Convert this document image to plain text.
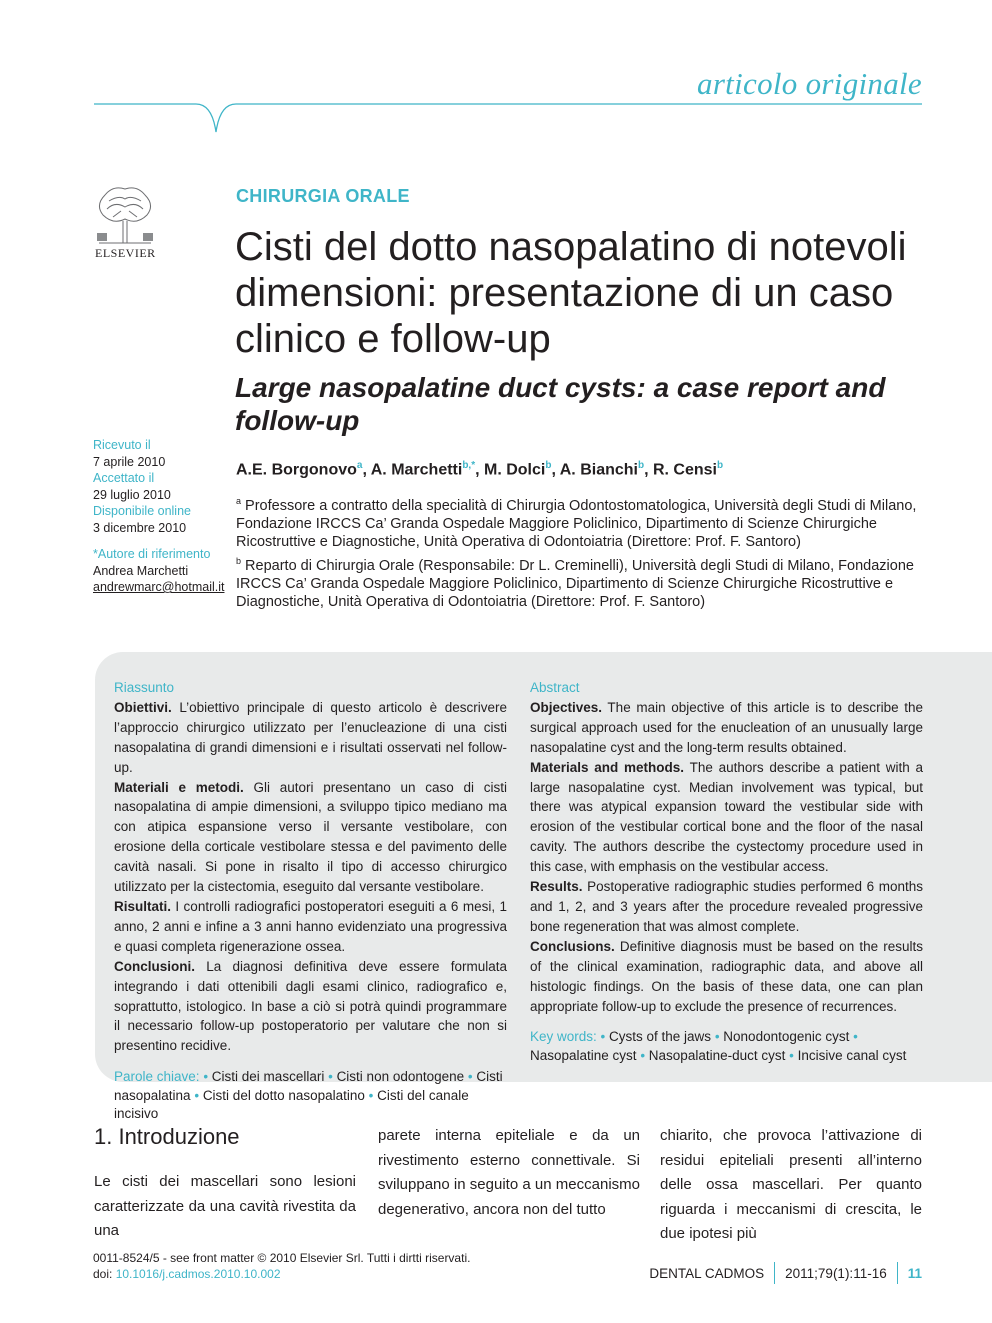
articolo originale
ELSEVIER
CHIRURGIA ORALE
Cisti del dotto nasopalatino di notevoli dimensioni: presentazione di un caso clinico e follow-up
Large nasopalatine duct cysts: a case report and follow-up
Ricevuto il
7 aprile 2010
Accettato il
29 luglio 2010
Disponibile online
3 dicembre 2010
*Autore di riferimento
Andrea Marchetti
andrewmarc@hotmail.it
A.E. Borgonovo$^a$, A. Marchetti$^{b,*}$, M. Dolci$^b$, A. Bianchi$^b$, R. Censi$^b$
$^a$ Professore a contratto della specialità di Chirurgia Odontostomatologica, Università degli Studi di Milano, Fondazione IRCCS Ca’ Granda Ospedale Maggiore Policlinico, Dipartimento di Scienze Chirurgiche Ricostruttive e Diagnostiche, Unità Operativa di Odontoiatria (Direttore: Prof. F. Santoro)
$^b$ Reparto di Chirurgia Orale (Responsabile: Dr L. Creminelli), Università degli Studi di Milano, Fondazione IRCCS Ca’ Granda Ospedale Maggiore Policlinico, Dipartimento di Scienze Chirurgiche Ricostruttive e Diagnostiche, Unità Operativa di Odontoiatria (Direttore: Prof. F. Santoro)
Riassunto

Obiettivi. L’obiettivo principale di questo articolo è descrivere l’approccio chirurgico utilizzato per l’enucleazione di una cisti nasopalatina di grandi dimensioni e i risultati osservati nel follow-up.

Materiali e metodi. Gli autori presentano un caso di cisti nasopalatina di ampie dimensioni, a sviluppo tipico mediano ma con atipica espansione verso il versante vestibolare, con erosione della corticale vestibolare stessa e del pavimento delle cavità nasali. Si pone in risalto il tipo di accesso chirurgico utilizzato per la cistectomia, eseguito dal versante vestibolare.

Risultati. I controlli radiografici postoperatori eseguiti a 6 mesi, 1 anno, 2 anni e infine a 3 anni hanno evidenziato una progressiva e quasi completa rigenerazione ossea.

Conclusioni. La diagnosi definitiva deve essere formulata integrando i dati ottenibili dagli esami clinico, radiografico e, soprattutto, istologico. In base a ciò si potrà quindi programmare il necessario follow-up postoperatorio per valutare che non si presentino recidive.

Parole chiave: • Cisti dei mascellari • Cisti non odontogene • Cisti nasopalatina • Cisti del dotto nasopalatino • Cisti del canale incisivo

Abstract

Objectives. The main objective of this article is to describe the surgical approach used for the enucleation of an unusually large nasopalatine cyst and the long-term results obtained.

Materials and methods. The authors describe a patient with a large nasopalatine cyst. Median involvement was typical, but there was atypical expansion toward the vestibular side with erosion of the vestibular cortical bone and the floor of the nasal cavity. The authors describe the cystectomy procedure used in this case, with emphasis on the vestibular access.

Results. Postoperative radiographic studies performed 6 months and 1, 2, and 3 years after the procedure revealed progressive bone regeneration that was almost complete.

Conclusions. Definitive diagnosis must be based on the results of the clinical examination, radiographic data, and above all histologic findings. On the basis of these data, one can plan appropriate follow-up to exclude the presence of recurrences.

Key words: • Cysts of the jaws • Nonodontogenic cyst • Nasopalatine cyst • Nasopalatine-duct cyst • Incisive canal cyst

1. Introduzione
Le cisti dei mascellari sono lesioni caratterizzate da una cavità rivestita da una
parete interna epiteliale e da un rivestimento esterno connettivale. Si sviluppano in seguito a un meccanismo degenerativo, ancora non del tutto
chiarito, che provoca l’attivazione di residui epiteliali presenti all’interno delle ossa mascellari. Per quanto riguarda i meccanismi di crescita, le due ipotesi più
0011-8524/5 - see front matter © 2010 Elsevier Srl. Tutti i dirtti riservati.
doi: 10.1016/j.cadmos.2010.10.002	DENTAL CADMOS 2011;79(1):11-16 11
